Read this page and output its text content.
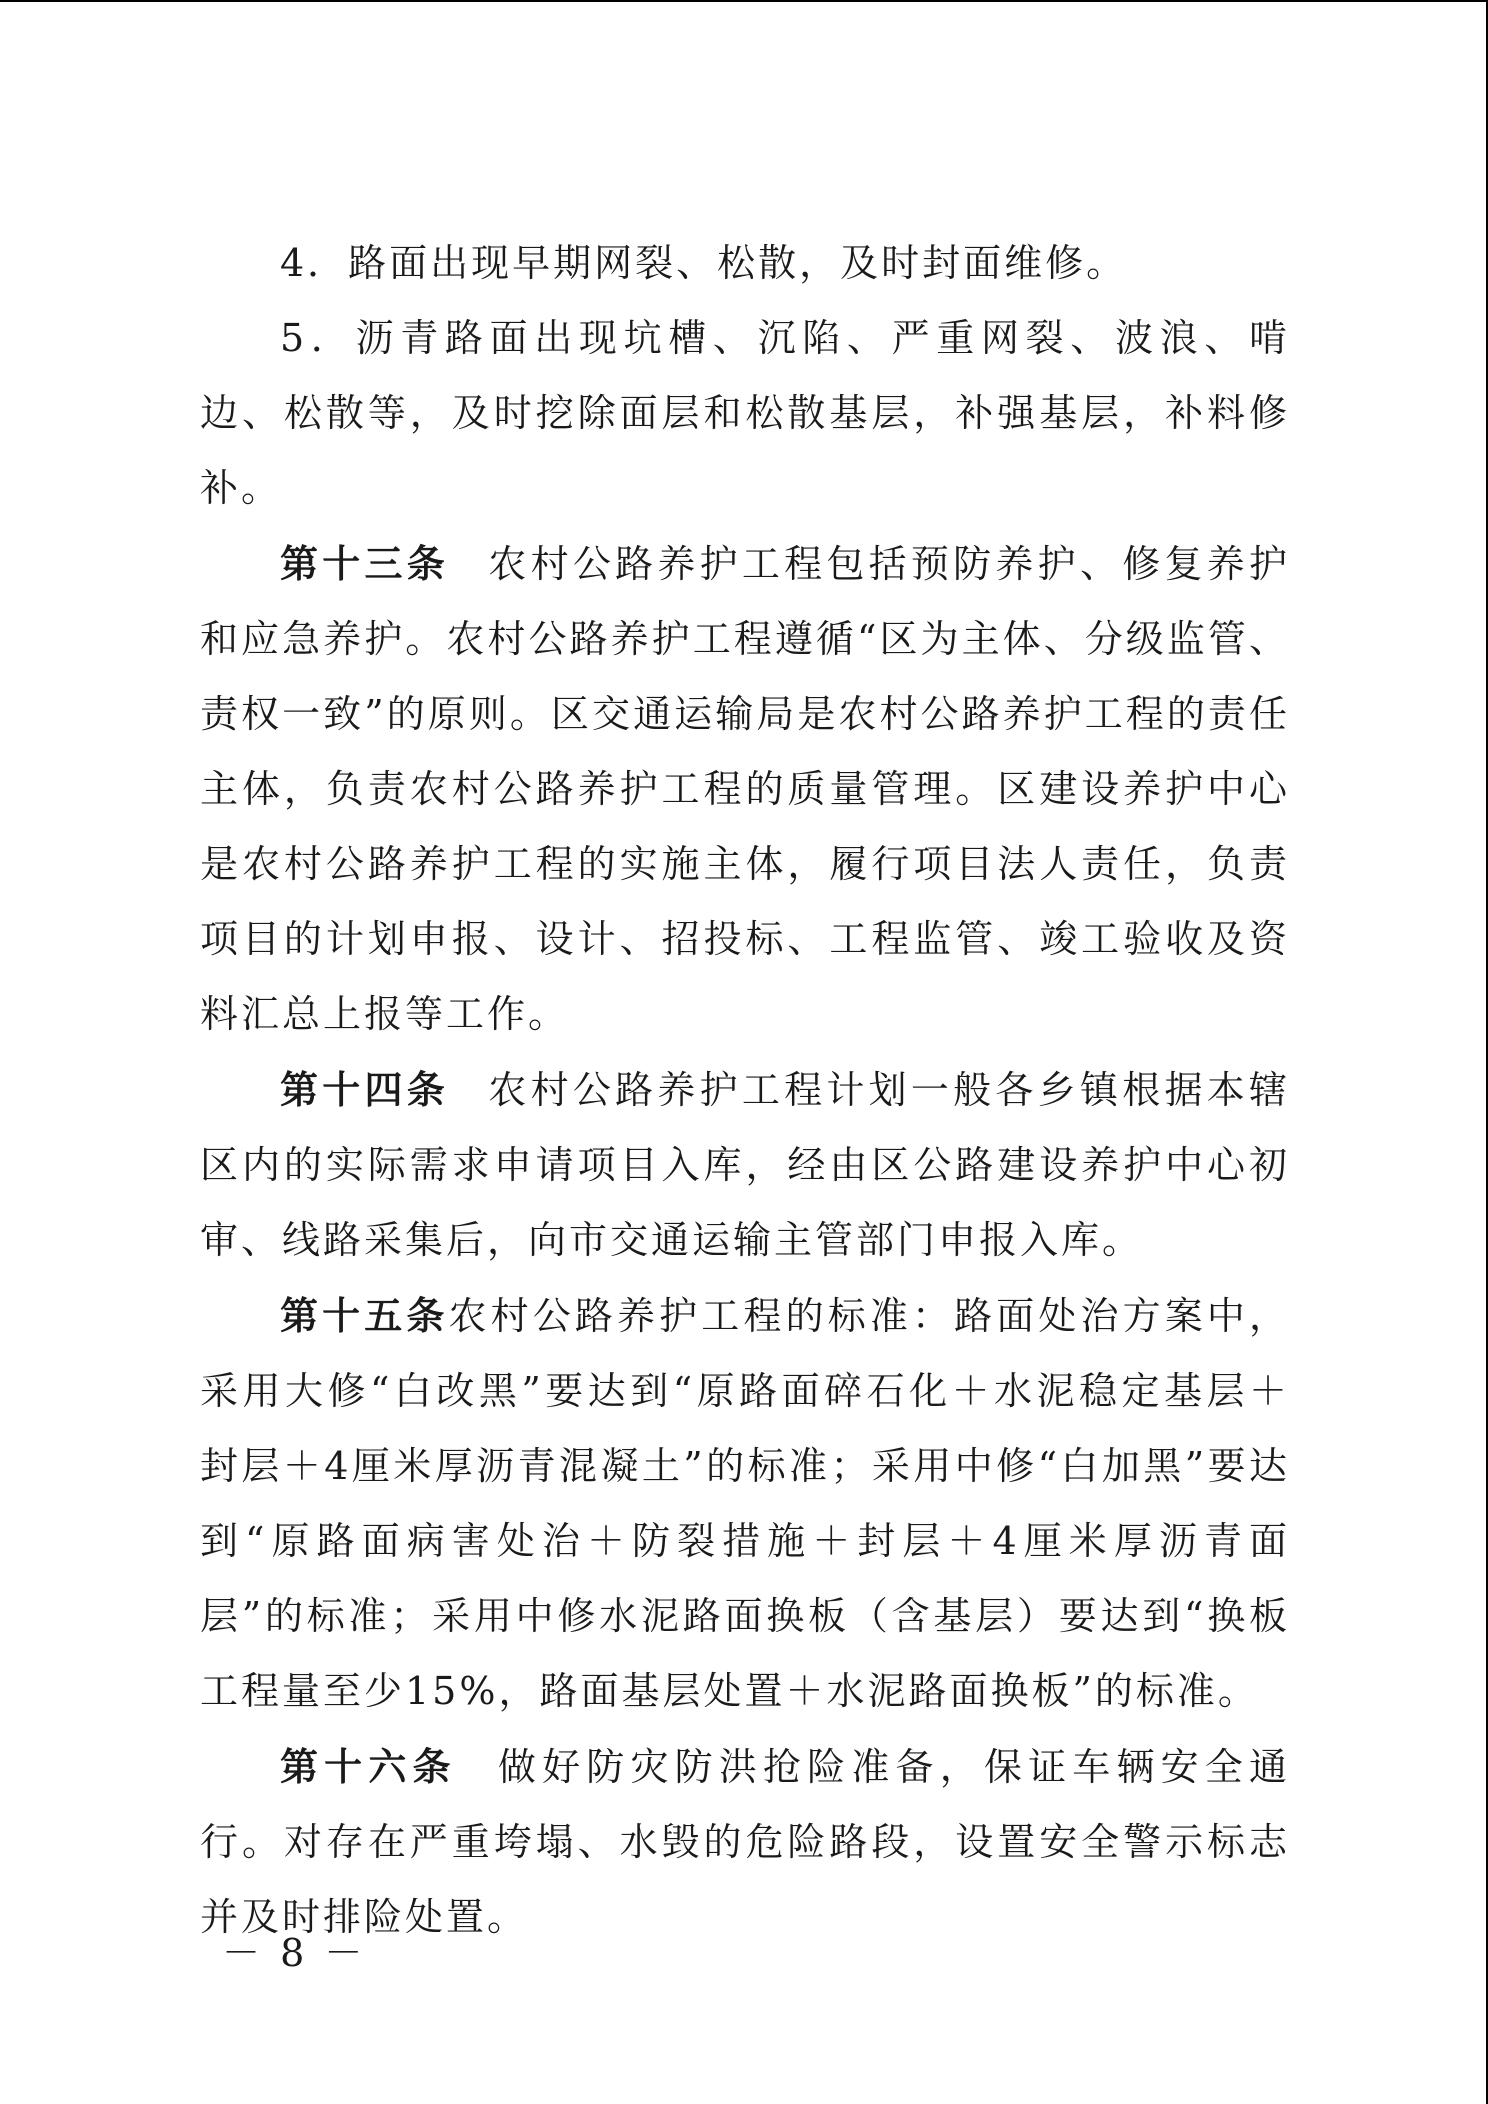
4．路面出现早期网裂、松散，及时封面维修。

5．沥青路面出现坑槽、沉陷、严重网裂、波浪、啃边、松散等，及时挖除面层和松散基层，补强基层，补料修补。

第十三条 农村公路养护工程包括预防养护、修复养护和应急养护。农村公路养护工程遵循“区为主体、分级监管、责权一致”的原则。区交通运输局是农村公路养护工程的责任主体，负责农村公路养护工程的质量管理。区建设养护中心是农村公路养护工程的实施主体，履行项目法人责任，负责项目的计划申报、设计、招投标、工程监管、竣工验收及资料汇总上报等工作。

第十四条 农村公路养护工程计划一般各乡镇根据本辖区内的实际需求申请项目入库，经由区公路建设养护中心初审、线路采集后，向市交通运输主管部门申报入库。

第十五条农村公路养护工程的标准：路面处治方案中，采用大修“白改黑”要达到“原路面碎石化＋水泥稳定基层＋封层＋4厘米厚沥青混凝土”的标准；采用中修“白加黑”要达到“原路面病害处治＋防裂措施＋封层＋4厘米厚沥青面层”的标准；采用中修水泥路面换板（含基层）要达到“换板工程量至少15%，路面基层处置＋水泥路面换板”的标准。

第十六条 做好防灾防洪抢险准备，保证车辆安全通行。对存在严重垮塌、水毁的危险路段，设置安全警示标志并及时排险处置。

－ 8 －
